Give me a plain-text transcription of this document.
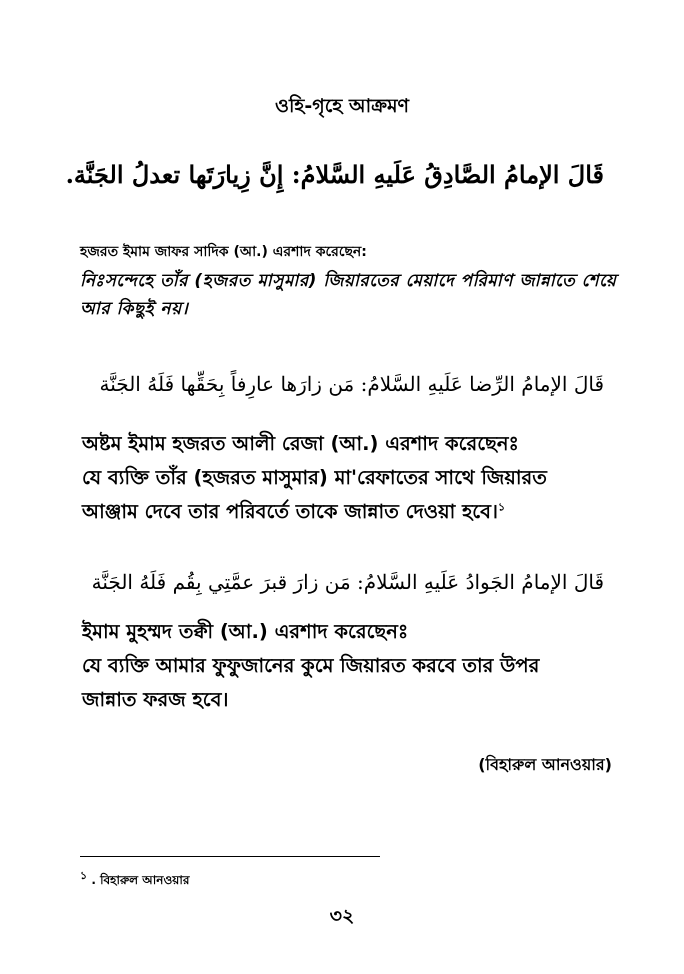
ওহি-গৃহে আক্রমণ
قَالَ الإمامُ الصَّادِقُ عَلَيهِ السَّلامُ: إِنَّ زِيارَتَها تعدلُ الجَنَّة.
হজরত ইমাম জাফর সাদিক (আ.) এরশাদ করেছেন:
নিঃসন্দেহে তাঁর (হজরত মাসুমার) জিয়ারতের মেয়াদে পরিমাণ জান্নাতে শেয়ে
আর কিছুই নয়।
قَالَ الإمامُ الرِّضا عَلَيهِ السَّلامُ: مَن زارَها عارِفاً بِحَقِّها فَلَهُ الجَنَّة
অষ্টম ইমাম হজরত আলী রেজা (আ.) এরশাদ করেছেনঃ
যে ব্যক্তি তাঁর (হজরত মাসুমার) মা'রেফাতের সাথে জিয়ারত
আঞ্জাম দেবে তার পরিবর্তে তাকে জান্নাত দেওয়া হবে।$^১$
قَالَ الإمامُ الجَوادُ عَلَيهِ السَّلامُ: مَن زارَ قبرَ عمَّتِي بِقُم فَلَهُ الجَنَّة
ইমাম মুহম্মদ তক্বী (আ.) এরশাদ করেছেনঃ
যে ব্যক্তি আমার ফুফুজানের কুমে জিয়ারত করবে তার উপর
জান্নাত ফরজ হবে।
(বিহারুল আনওয়ার)
$^১$ . বিহারুল আনওয়ার
৩২
